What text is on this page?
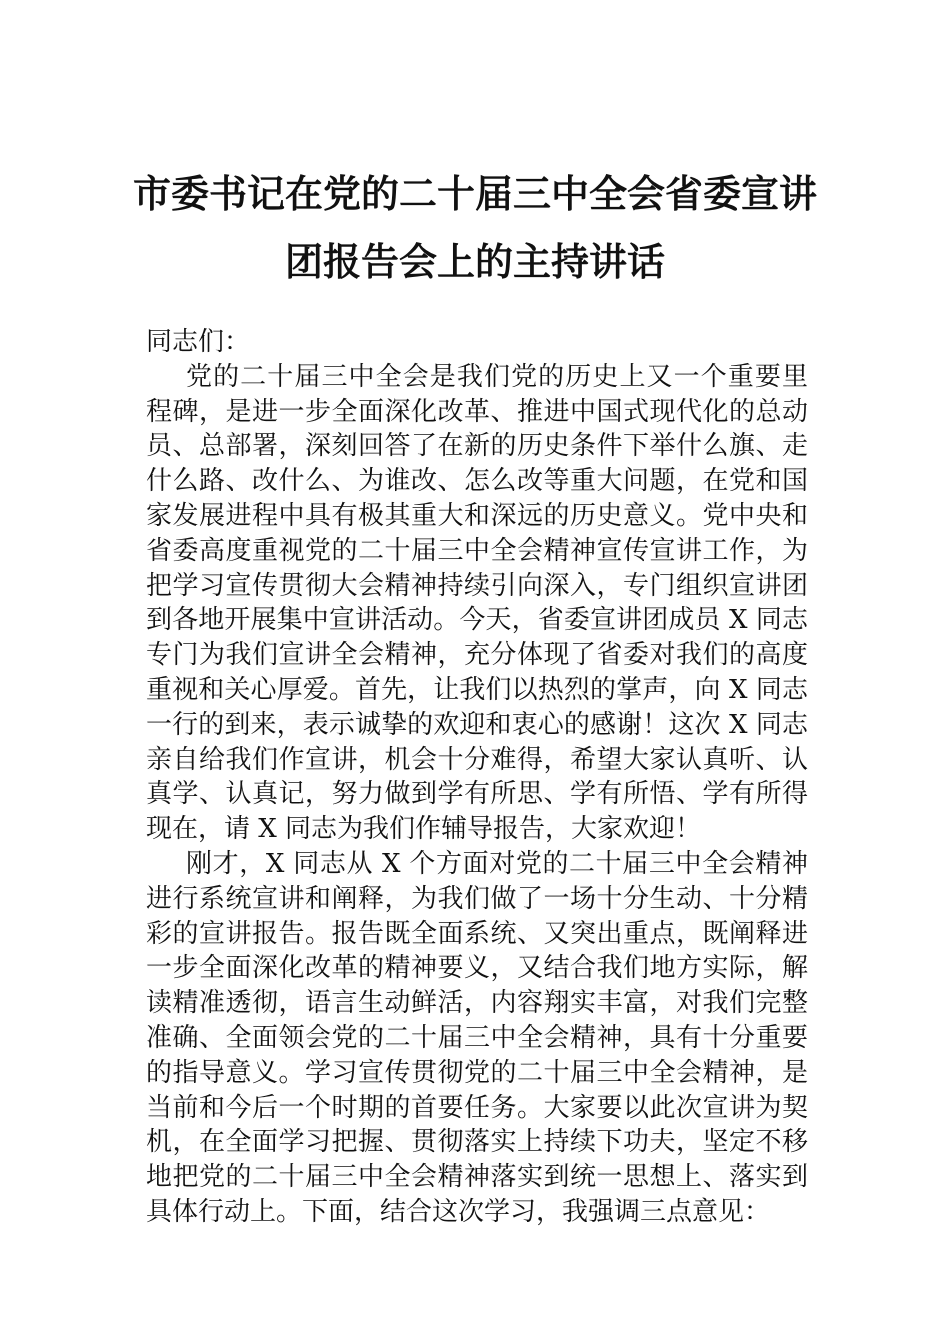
市委书记在党的二十届三中全会省委宣讲
团报告会上的主持讲话

同志们：

党的二十届三中全会是我们党的历史上又一个重要里
程碑，是进一步全面深化改革、推进中国式现代化的总动
员、总部署，深刻回答了在新的历史条件下举什么旗、走
什么路、改什么、为谁改、怎么改等重大问题，在党和国
家发展进程中具有极其重大和深远的历史意义。党中央和
省委高度重视党的二十届三中全会精神宣传宣讲工作，为
把学习宣传贯彻大会精神持续引向深入，专门组织宣讲团
到各地开展集中宣讲活动。今天，省委宣讲团成员 X 同志
专门为我们宣讲全会精神，充分体现了省委对我们的高度
重视和关心厚爱。首先，让我们以热烈的掌声，向 X 同志
一行的到来，表示诚挚的欢迎和衷心的感谢！这次 X 同志
亲自给我们作宣讲，机会十分难得，希望大家认真听、认
真学、认真记，努力做到学有所思、学有所悟、学有所得
现在，请 X 同志为我们作辅导报告，大家欢迎！

刚才，X 同志从 X 个方面对党的二十届三中全会精神
进行系统宣讲和阐释，为我们做了一场十分生动、十分精
彩的宣讲报告。报告既全面系统、又突出重点，既阐释进
一步全面深化改革的精神要义，又结合我们地方实际，解
读精准透彻，语言生动鲜活，内容翔实丰富，对我们完整
准确、全面领会党的二十届三中全会精神，具有十分重要
的指导意义。学习宣传贯彻党的二十届三中全会精神，是
当前和今后一个时期的首要任务。大家要以此次宣讲为契
机，在全面学习把握、贯彻落实上持续下功夫，坚定不移
地把党的二十届三中全会精神落实到统一思想上、落实到
具体行动上。下面，结合这次学习，我强调三点意见：
